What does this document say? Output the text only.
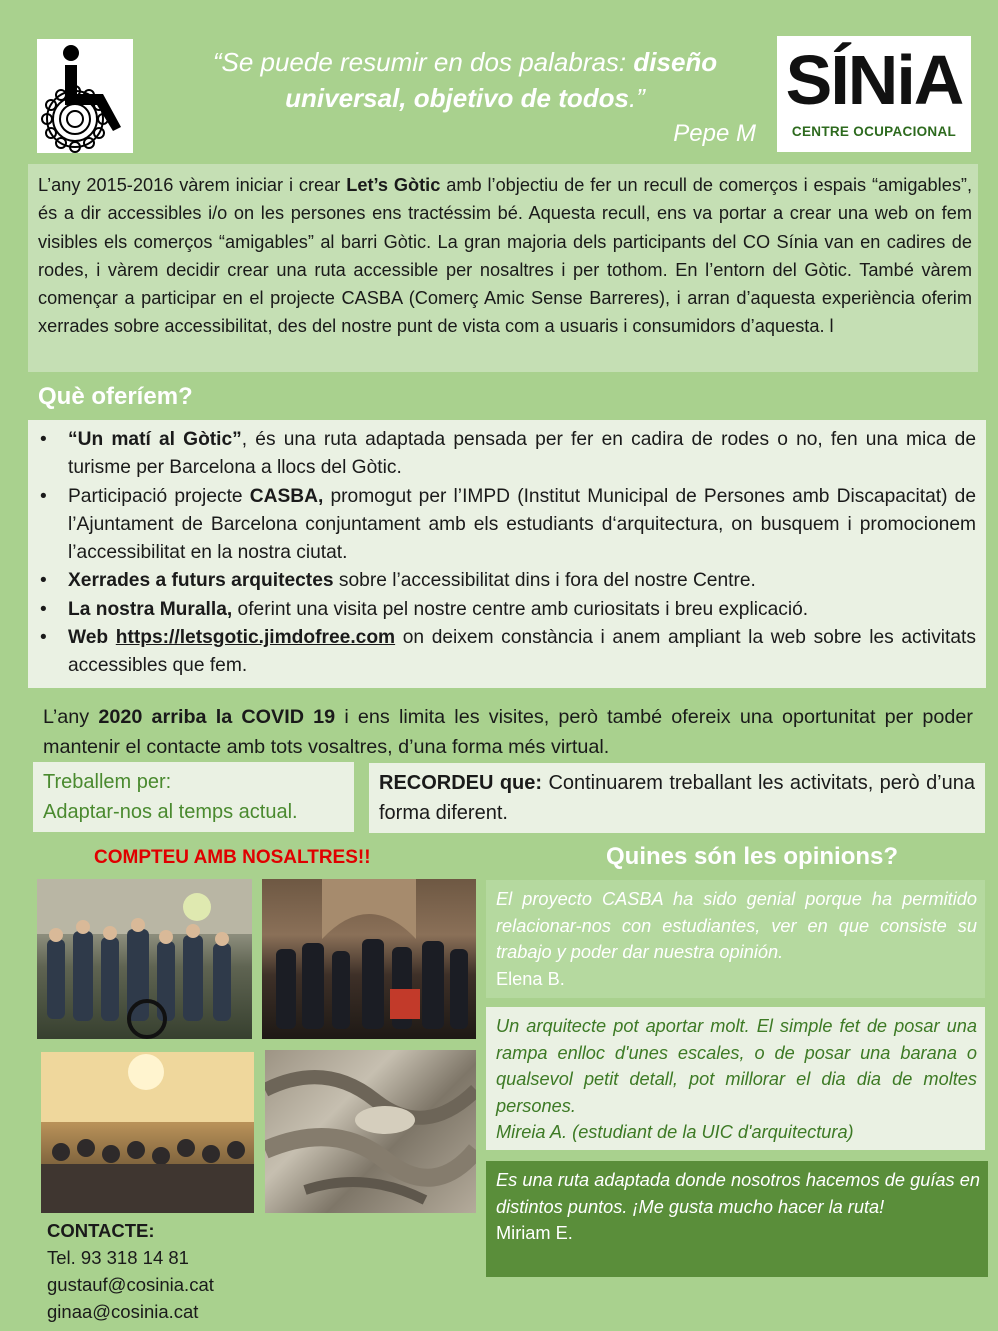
“Se puede resumir en dos palabras: diseño
universal, objetivo de todos.”
Pepe M
SÍNiA
CENTRE OCUPACIONAL
L’any 2015-2016 vàrem iniciar i crear Let’s Gòtic amb l’objectiu de fer un recull de comerços i espais “amigables”, és a dir accessibles i/o on les persones ens tractéssim bé. Aquesta recull, ens va portar a crear una web on fem visibles els comerços “amigables” al barri Gòtic. La gran majoria dels participants del CO Sínia van en cadires de rodes, i vàrem decidir crear una ruta accessible per nosaltres i per tothom. En l’entorn del Gòtic. També vàrem començar a participar en el projecte CASBA (Comerç Amic Sense Barreres), i arran d’aquesta experiència oferim xerrades sobre accessibilitat, des del nostre punt de vista com a usuaris i consumidors d’aquesta. l
Què oferíem?
• “Un matí al Gòtic”, és una ruta adaptada pensada per fer en cadira de rodes o no, fen una mica de turisme per Barcelona a llocs del Gòtic.
• Participació projecte CASBA, promogut per l’IMPD (Institut Municipal de Persones amb Discapacitat) de l’Ajuntament de Barcelona conjuntament amb els estudiants d‘arquitectura, on busquem i promocionem l’accessibilitat en la nostra ciutat.
• Xerrades a futurs arquitectes sobre l’accessibilitat dins i fora del nostre Centre.
• La nostra Muralla, oferint una visita pel nostre centre amb curiositats i breu explicació.
• Web https://letsgotic.jimdofree.com on deixem constància i anem ampliant la web sobre les activitats accessibles que fem.
L’any 2020 arriba la COVID 19 i ens limita les visites, però també ofereix una oportunitat per poder mantenir el contacte amb tots vosaltres, d’una forma més virtual.
Treballem per:
Adaptar-nos al temps actual.
RECORDEU que: Continuarem treballant les activitats, però d’una forma diferent.
COMPTEU AMB NOSALTRES!!	Quines són les opinions?
El proyecto CASBA ha sido genial porque ha permitido relacionar-nos con estudiantes, ver en que consiste su trabajo y poder dar nuestra opinión.
Elena B.
Un arquitecte pot aportar molt. El simple fet de posar una rampa enlloc d'unes escales, o de posar una barana o qualsevol petit detall, pot millorar el dia dia de moltes persones.
Mireia A. (estudiant de la UIC d'arquitectura)
Es una ruta adaptada donde nosotros hacemos de guías en distintos puntos. ¡Me gusta mucho hacer la ruta!
Miriam E.
CONTACTE:
Tel. 93 318 14 81
gustauf@cosinia.cat
ginaa@cosinia.cat
